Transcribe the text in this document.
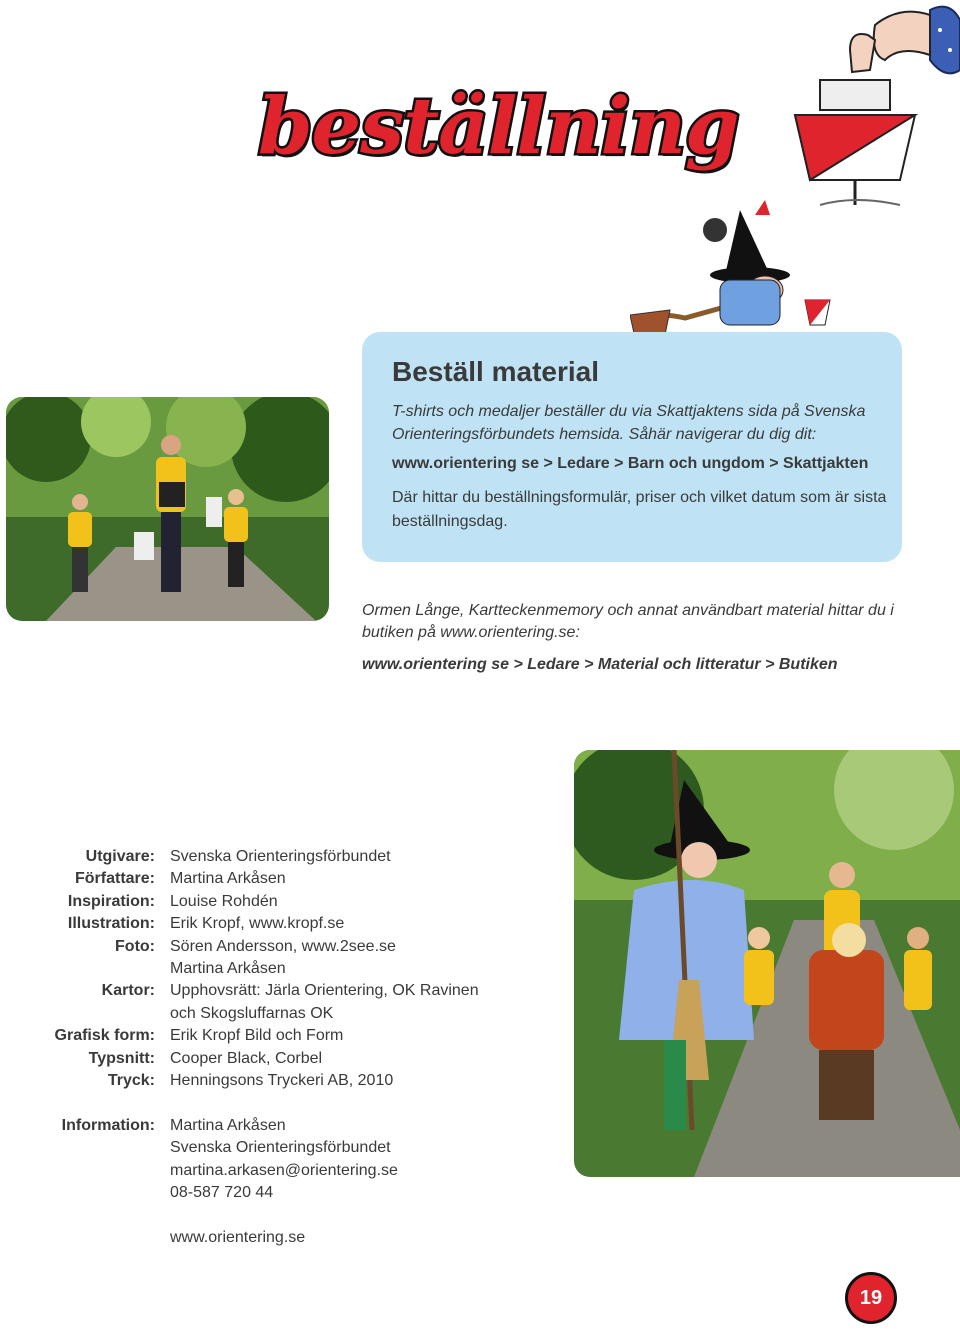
beställning
Beställ material
T-shirts och medaljer beställer du via Skattjaktens sida på Svenska Orienteringsförbundets hemsida. Såhär navigerar du dig dit:
www.orientering se > Ledare > Barn och ungdom > Skattjakten
Där hittar du beställningsformulär, priser och vilket datum som är sista beställningsdag.
Ormen Långe, Kartteckenmemory och annat användbart material hittar du i butiken på www.orientering.se:
www.orientering se > Ledare > Material och litteratur > Butiken
Utgivare: Svenska Orienteringsförbundet
Författare: Martina Arkåsen
Inspiration: Louise Rohdén
Illustration: Erik Kropf, www.kropf.se
Foto: Sören Andersson, www.2see.se
Martina Arkåsen
Kartor: Upphovsrätt: Järla Orientering, OK Ravinen
och Skogsluffarnas OK
Grafisk form: Erik Kropf Bild och Form
Typsnitt: Cooper Black, Corbel
Tryck: Henningsons Tryckeri AB, 2010
Information: Martina Arkåsen
Svenska Orienteringsförbundet
martina.arkasen@orientering.se
08-587 720 44
www.orientering.se
19
